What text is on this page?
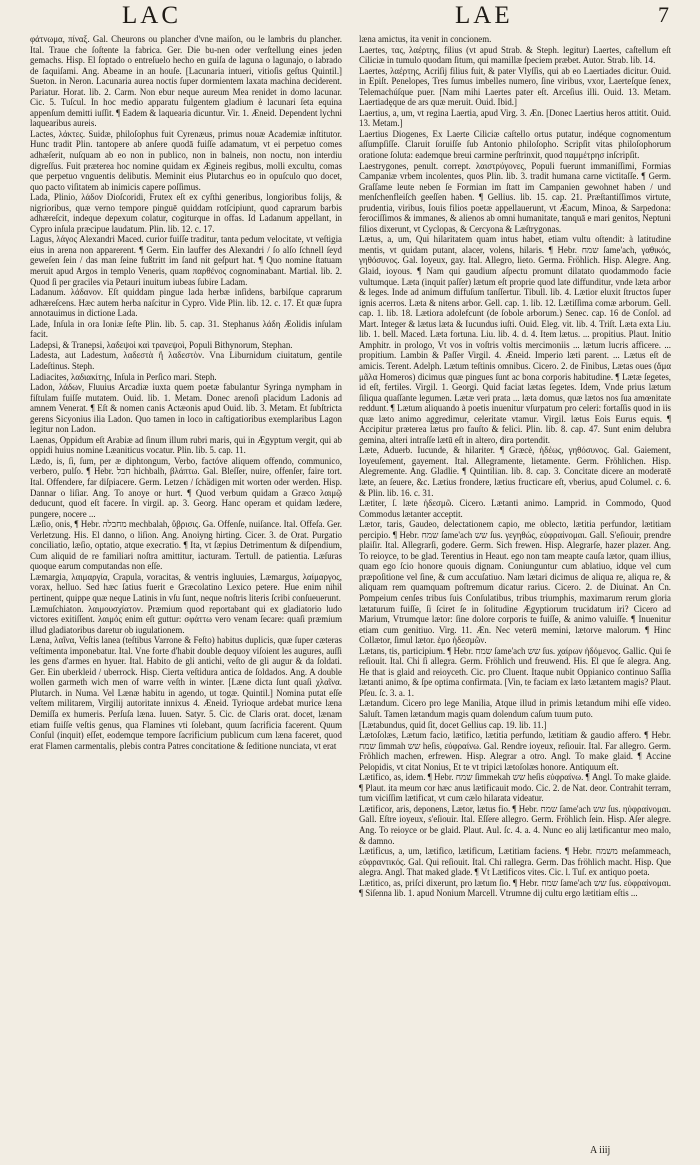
LAC	LAE	7

φάτνωμα, πίναξ. Gal. Cheurons ou plancher d'vne maiſon, ou le lambris du plancher. Ital. Traue che ſoſtente la fabrica. Ger. Die bu-nen oder verſtellung eines jeden gemachs. Hisp. El ſoptado o entreſuelo hecho en guiſa de laguna o lagunajo, o labrado de ſaquiſami. Ang. Abeame in an houſe. [Lacunaria intueri, vitioſis geſtus Quintil.] Sueton. in Neron. Lacunaria aurea noctis ſuper dormientem laxata machina deciderent. Pariatur. Horat. lib. 2. Carm. Non ebur neque aureum Mea renidet in domo lacunar. Cic. 5. Tuſcul. In hoc medio apparatu fulgentem gladium è lacunari ſeta equina appenſum demitti iuſſit. ¶ Eadem & laquearia dicuntur. Vir. 1. Æneid. Dependent lychni laquearibus aureis.

Lactes, λάκτες. Suidæ, philoſophus fuit Cyrenæus, primus nouæ Academiæ inſtitutor. Hunc tradit Plin. tantopere ab anſere quodā fuiſſe adamatum, vt ei perpetuo comes adhæſerit, nuſquam ab eo non in publico, non in balneis, non noctu, non interdiu digreſſus. Fuit præterea hoc nomine quidam ex Ægineis regibus, molli excultu, comas que perpetuo vnguentis delibutis. Meminit eius Plutarchus eo in opuſculo quo docet, quo pacto viſitatem ab inimicis capere poſſimus.

Lada, Plinio, λάδον Dioſcoridi, Frutex eſt ex cyſthi generibus, longioribus folijs, & nigrioribus, quæ verno tempore pinguē quiddam rotſcipiunt, quod caprarum barbis adhæreſcit, indeque depexum colatur, cogiturque in offas. Id Ladanum appellant, in Cypro inſula præcipue laudatum. Plin. lib. 12. c. 17.

Lagus, λάγος Alexandri Maced. curior fuiſſe traditur, tanta pedum velocitate, vt veſtigia eius in arena non apparerent. ¶ Germ. Ein lauffer des Alexandri / ſo alſo ſchnell ſeyd geweſen ſein / das man ſeine fußtritt im ſand nit geſpurt hat. ¶ Quo nomine ſtatuam meruit apud Argos in templo Veneris, quam παρθένος cognominabant. Martial. lib. 2. Quod ſi per graciles via Petauri inuitum iubeas ſubire Ladam.

Ladanum. λάδανον. Eſt quiddam pingue lada herbæ inſidens, barbiſque caprarum adhæreſcens. Hæc autem herba naſcitur in Cypro. Vide Plin. lib. 12. c. 17. Et quæ ſupra annotauimus in dictione Lada.

Lade, Inſula in ora Ioniæ ſeſte Plin. lib. 5. cap. 31. Stephanus λάδη Æolidis inſulam facit.

Ladepsi, & Tranepsi, λαδεψοὶ καὶ τρανεψοὶ, Populi Bithynorum, Stephan.

Ladesta, aut Ladestum, λαδεστὰ ἢ λαδεστὸν. Vna Liburnidum ciuitatum, gentile Ladeſtinus. Steph.

Ladiacites, λαδιακίτης, Inſula in Perſico mari. Steph.

Ladon, λάδων, Fluuius Arcadiæ iuxta quem poetæ fabulantur Syringa nympham in fiſtulam fuiſſe mutatem. Ouid. lib. 1. Metam. Donec arenoſi placidum Ladonis ad amnem Venerat. ¶ Eſt & nomen canis Actæonis apud Ouid. lib. 3. Metam. Et ſubſtricta gerens Sicyonius ilia Ladon. Quo tamen in loco in caſtigatioribus exemplaribus Lagon legitur non Ladon.

Laenas, Oppidum eſt Arabiæ ad ſinum illum rubri maris, qui in Ægyptum vergit, qui ab oppidi huius nomine Læaniticus vocatur. Plin. lib. 5. cap. 11.

Lædo, is, ſi, ſum, per æ diphtongum, Verbo, factóve aliquem offendo, communico, verbero, pulſo. ¶ Hebr. חבל hichbalh, βλάπτω. Gal. Bleſſer, nuire, offenſer, faire tort. Ital. Offendere, far diſpiacere. Germ. Letzen / ſchädigen mit worten oder werden. Hisp. Dannar o liſiar. Ang. To anoye or hurt. ¶ Quod verbum quidam a Græco λαιμῷ deducunt, quod eſt facere. In virgil. ap. 3. Georg. Hanc operam et quidam lædere, pungere, nocere ...

Læſio, onis, ¶ Hebr. מחבלה mechbalah, ὕβρισις. Ga. Offenſe, nuiſance. Ital. Offeſa. Ger. Verletzung. His. El danno, o liſion. Ang. Anoiyng hirting. Cicer. 3. de Orat. Purgatio conciliatio, læſio, optatio, atque execratio. ¶ Ita, vt ſæpius Detrimentum & diſpendium, Cum aliquid de re familiari noſtra amittitur, iacturam. Tertull. de patientia. Læſuras quoque earum computandas non eſſe.

Læmargia, λαιμαργία, Crapula, voracitas, & ventris ingluuies, Læmargus, λαίμαργος, vorax, helluo. Sed hæc ſatius fuerit e Græcolatino Lexico petere. Hue enim nihil pertinent, quippe quæ neque Latinis in vſu ſunt, neque noſtris literis ſcribi conſueuerunt.

Læmuſchiaton. λαιμουσχίατον. Præmium quod reportabant qui ex gladiatorio ludo victores exitiſſent. λαιμός enim eſt guttur: σφάττω vero venam ſecare: quaſi præmium illud gladiatoribus daretur ob iugulationem.

Læna, λαῖνα, Veſtis lanea (teſtibus Varrone & Feſto) habitus duplicis, quæ ſuper cæteras veſtimenta imponebatur. Ital. Vne forte d'habit double dequoy viſoient les augures, auſſi les gens d'armes en hyuer. Ital. Habito de gli antichi, veſto de gli augur & da ſoldati. Ger. Ein uberkleid / uberrock. Hisp. Cierta veſtidura antica de ſoldados. Ang. A double wollen garmeth wich men of warre veſth in winter. [Læne dicta ſunt quaſi χλαῖνα. Plutarch. in Numa. Vel Lænæ habitu in agendo, ut togæ. Quintil.] Nomina putat eſſe veſtem militarem, Virgilij autoritate innixus 4. Æneid. Tyrioque ardebat murice læna Demiſſa ex humeris. Perſuſa læna. Iuuen. Satyr. 5. Cic. de Claris orat. docet, lænam etiam fuiſſe veſtis genus, qua Flamines vti ſolebant, quum ſacrificia facerent. Quum Conſul (inquit) eſſet, eodemque tempore ſacrificium publicum cum læna faceret, quod erat Flamen carmentalis, plebis contra Patres concitatione & ſeditione nunciata, vt erat

læna amictus, ita venit in concionem.

Laertes, τας, λαέρτης, filius (vt apud Strab. & Steph. legitur) Laertes, caſtellum eſt Ciliciæ in tumulo quodam ſitum, qui mamillæ ſpeciem præbet. Autor. Strab. lib. 14.

Laertes, λαέρτης, Acriſij filius fuit, & pater Vlyſſis, qui ab eo Laertiades dicitur. Ouid. in Epiſt. Penelopes, Tres ſumus imbelles numero, ſine viribus, vxor, Laerteſque ſenex, Telemachúſque puer. [Nam mihi Laertes pater eſt. Arceſius illi. Ouid. 13. Metam. Laertiadęque de ars quæ meruit. Ouid. Ibid.]

Laertius, a, um, vt regina Laertia, apud Virg. 3. Æn. [Donec Laertius heros attitit. Ouid. 13. Metam.]

Laertius Diogenes, Ex Laerte Ciliciæ caſtello ortus putatur, indéque cognomentum aſſumpſiſſe. Claruit ſoruiſſe ſub Antonio philoſopho. Scripſit vitas philoſophorum oratione ſoluta: eademque breui carmine perſtrinxit, quod παμμέτρησ inſcripſit.

Laestrygones, penult. corrept. λαιστρύγονες, Populi fuerunt immaniſſimi, Formias Campaniæ vrbem incolentes, quos Plin. lib. 3. tradit humana carne victitaſſe. ¶ Germ. Graſſame leute neben ſe Formian im ſtatt im Campanien gewohnet haben / und menſchenfleiſch geeſſen haben. ¶ Gellius. lib. 15. cap. 21. Præſtantiſſimos virtute, prudentia, viribus, Iouis filios poetæ appellauerunt, vt Æacum, Minoa, & Sarpedona: ferociſſimos & immanes, & alienos ab omni humanitate, tanquā e mari genitos, Neptuni filios dixerunt, vt Cyclopas, & Cercyona & Læſtrygonas.

Lætus, a, um, Qui hilaritatem quam intus habet, etiam vultu oſtendit: à latitudine mentis, vt quidam putant, alacer, volens, hilaris. ¶ Hebr. שמח ſame'ach, γαθικός, γηθόσυνος. Gal. Ioyeux, gay. Ital. Allegro, lieto. Germa. Fröhlich. Hisp. Alegre. Ang. Glaid, ioyous. ¶ Nam qui gaudium aſpectu promunt dilatato quodammodo facie vultumque. Læta (inquit paſſer) lætum eſt proprie quod late diffunditur, vnde læta arbor & leges. Inde ad animum diffuſum tanſſertur. Tibull. lib. 4. Lætior eluxit ſtructos ſuper ignis acerros. Læta & nitens arbor. Gell. cap. 1. lib. 12. Lætiſſima comæ arborum. Gell. cap. 1. lib. 18. Lætiora adolefcunt (de ſobole arborum.) Senec. cap. 16 de Conſol. ad Mart. Integer & lætus læta & Iucundus iuſti. Ouid. Eleg. vit. lib. 4. Triſt. Læta exta Liu. lib. 1. bell. Maced. Læta fortuna. Liu. lib. 4. d. 4. Item lætus. ... propitius. Plaut. Initio Amphitr. in prologo, Vt vos in voſtris voltis mercimoniis ... lætum lucris afficere. ... propitium. Lambin & Paſſer Virgil. 4. Æneid. Imperio læti parent. ... Lætus eſt de amicis. Terent. Adelph. Lætum teſtinis omnibus. Cicero. 2. de Finibus, Lætas oues (ἄμα μᾶλα Homeros) dicimus quæ pingues ſunt ac bona corporis habitudine. ¶ Lætæ ſegetes, id eſt, fertiles. Virgil. 1. Georgi. Quid faciat lætas ſegetes. Idem, Vnde prius lætum ſiliqua quaſſante legumen. Lætæ veri prata ... læta domus, quæ lætos nos ſua amœnitate reddunt. ¶ Lætum aliquando à poetis inuenitur vſurpatum pro celeri: fortaſſis quod in iis quæ læto animo aggredimur, celeritate vtamur. Virgil. lætus Eois Eurus equis. ¶ Accipitur præterea lætus pro fauſto & felici. Plin. lib. 8. cap. 47. Sunt enim delubra gemina, alteri intraſſe lætū eſt in altero, dira portendit.

Læte, Aduerb. Iucunde, & hilariter. ¶ Græcè, ἡδέως, γηθόσυνος. Gal. Gaiement, Ioyeuſement, gayement. Ital. Allegramente, lietamente. Germ. Fröhlichen. Hisp. Alegremente. Ang. Gladlie. ¶ Quintilian. lib. 8. cap. 3. Concitate dicere an moderatē læte, an ſeuere, &c. Lætius frondere, lætius fructicare eſt, vberius, apud Columel. c. 6. & Plin. lib. 16. c. 31.

Lætiter, ſ. læte ἡδεσμῶ. Cicero. Lætanti animo. Lamprid. in Commodo, Quod Commodus lætanter acceptit.

Lætor, taris, Gaudeo, delectationem capio, me oblecto, lætitia perfundor, lætitiam percipio. ¶ Hebr. שמח ſame'ach שש ſus. γεγηθώς, εὐφραίνομαι. Gall. S'eſiouir, prendre plaiſir. Ital. Allegrarſi, godere. Germ. Sich frewen. Hisp. Alegrarſe, hazer plazer. Ang. To reioyce, to be glad. Terentius in Heaut. ego non tam meapte cauſa lætor, quam illius, quam ego ſcio honore quouis dignam. Coniunguntur cum ablatiuo, idque vel cum præpoſitione vel ſine, & cum accuſatiuo. Nam lætari dicimus de aliqua re, aliqua re, & aliquam rem quamquam poſtremum dicatur rarius. Cicero. 2. de Diuinat. An Cn. Pompeium cenſes tribus ſuis Conſulatibus, tribus triumphis, maximarum rerum gloria lætaturum fuiſſe, ſi ſciret ſe in ſolitudine Ægyptiorum trucidatum iri? Cicero ad Marium, Vtrumque lætor: ſine dolore corporis te fuiſſe, & animo valuiſſe. ¶ Inuenitur etiam cum genitiuo. Virg. 11. Æn. Nec veterū memini, lætorve malorum. ¶ Hinc Collætor, ſimul lætor. ἑμο ἡδεσμῶν.

Lætans, tis, participium. ¶ Hebr. שמח ſame'ach שש ſus. χαίρων ἡδόμενος. Gallic. Qui ſe reſiouit. Ital. Chi ſi allegra. Germ. Fröhlich und freuwend. His. El que ſe alegra. Ang. He that is glaid and reioyceth. Cic. pro Cluent. Itaque nubit Oppianico continuo Saſſia lætanti animo, & ſpe optima confirmata. [Vin, te faciam ex læto lætantem magis? Plaut. Pſeu. ſc. 3. a. 1.

Lætandum. Cicero pro lege Manilia, Atque illud in primis lætandum mihi eſſe video. Saluſt. Tamen lætandum magis quam dolendum caſum tuum puto.

[Lætabundus, quid ſit, docet Gellius cap. 19. lib. 11.]

Lætoſolæs, Lætum facio, lætifico, lætitia perfundo, lætitiam & gaudio affero. ¶ Hebr. שמח ſimmah שש heſis, εὐφραίνω. Gal. Rendre ioyeux, reſiouir. Ital. Far allegro. Germ. Fröhlich machen, erfrewen. Hisp. Alegrar a otro. Angl. To make glaid. ¶ Accine Pelopidis, vt citat Nonius, Et te vt tripici lætoſolæs honore. Antiquum eſt.

Lætifico, as, idem. ¶ Hebr. שמח ſimmekah שש heſis εὐφραίνω. ¶ Angl. To make glaide. ¶ Plaut. ita meum cor hæc anus lætificauit modo. Cic. 2. de Nat. deor. Contrahit terram, tum viciſſim lætificat, vt cum cælo hilarata videatur.

Lætificor, aris, deponens, Lætor, lætus fio. ¶ Hebr. שמח ſame'ach שש ſus. ηὐφραίνομαι. Gall. Eſtre ioyeux, s'eſiouir. Ital. Eſſere allegro. Germ. Fröhlich ſein. Hisp. Aſer alegre. Ang. To reioyce or be glaid. Plaut. Aul. ſc. 4. a. 4. Nunc eo alij lætificantur meo malo, & damno.

Lætificus, a, um, lætifico, lætificum, Lætitiam faciens. ¶ Hebr. משמח meſammeach, εὐφραντικός. Gal. Qui reſiouit. Ital. Chi rallegra. Germ. Das fröhlich macht. Hisp. Que alegra. Angl. That maked glade. ¶ Vt Lætificos vites. Cic. l. Tuſ. ex antiquo poeta.

Lætitico, as, priſci dixerunt, pro lætum ſio. ¶ Hebr. שמח ſame'ach שש ſus. εὐφραίνομαι. ¶ Siſenna lib. 1. apud Nonium Marcell. Vtrumne dij cultu ergo lætitiam eſtis ...

A iiij
